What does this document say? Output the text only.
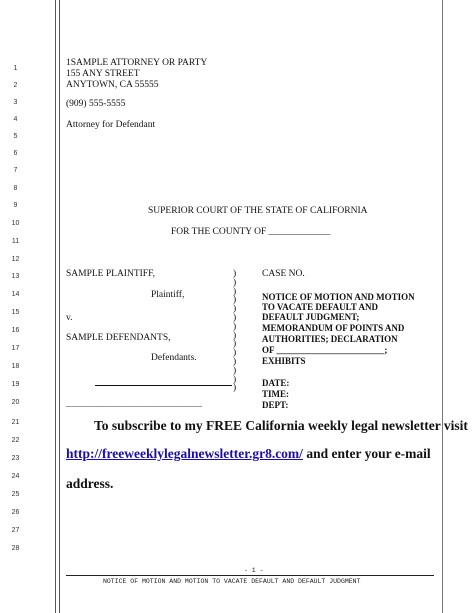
1
2
3
4
5
6
7
8
9
10
11
12
13
14
15
16
17
18
19
20
21
22
23
24
25
26
27
28
1SAMPLE ATTORNEY OR PARTY
155 ANY STREET
ANYTOWN, CA 55555
(909) 555-5555
Attorney for Defendant
SUPERIOR COURT OF THE STATE OF CALIFORNIA
FOR THE COUNTY OF _____________
SAMPLE PLAINTIFF,
Plaintiff,
v.
SAMPLE DEFENDANTS,
Defendants.
________________________________
)
)
)
)
)
)
)
)
)
)
)
)
)
)
CASE NO.
NOTICE OF MOTION AND MOTION
TO VACATE DEFAULT AND
DEFAULT JUDGMENT;
MEMORANDUM OF POINTS AND
AUTHORITIES; DECLARATION
OF ________________________;
EXHIBITS
DATE:
TIME:
DEPT:
To subscribe to my FREE California weekly legal newsletter visit
http://freeweeklylegalnewsletter.gr8.com/ and enter your e-mail
address.
- 1 -
NOTICE OF MOTION AND MOTION TO VACATE DEFAULT AND DEFAULT JUDGMENT
